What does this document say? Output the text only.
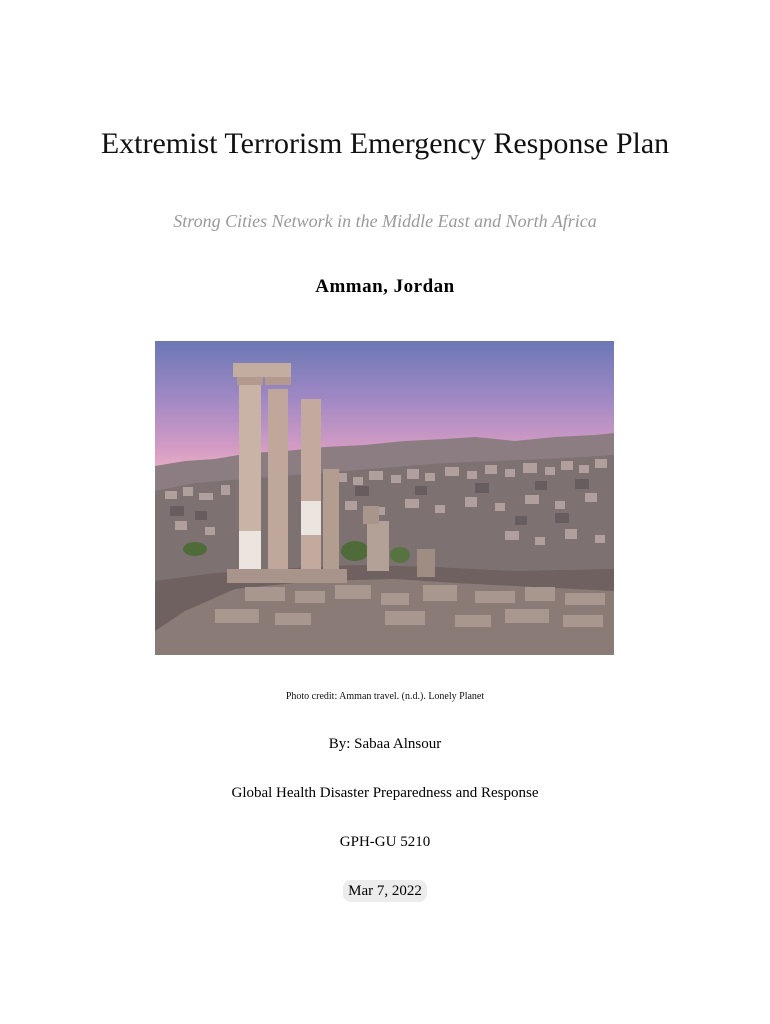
Extremist Terrorism Emergency Response Plan
Strong Cities Network in the Middle East and North Africa
Amman, Jordan
Photo credit: Amman travel. (n.d.). Lonely Planet
By: Sabaa Alnsour
Global Health Disaster Preparedness and Response
GPH-GU 5210
Mar 7, 2022
